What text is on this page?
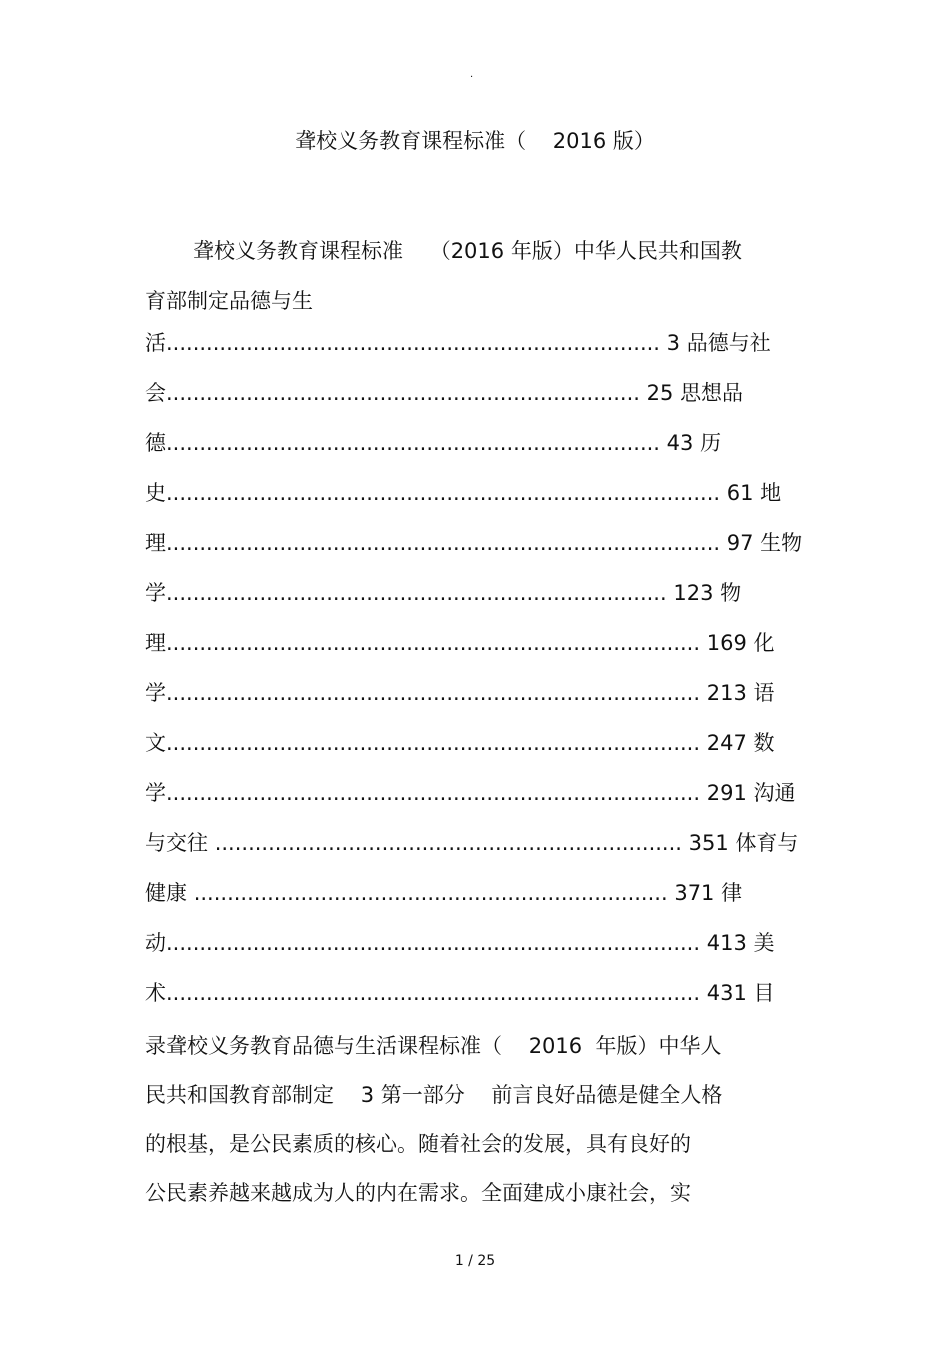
·
聋校义务教育课程标准（    2016 版）
聋校义务教育课程标准    （2016 年版）中华人民共和国教
育部制定品德与生
活.......................................................................... 3 品德与社
会....................................................................... 25 思想品
德.......................................................................... 43 历
史................................................................................... 61 地
理................................................................................... 97 生物
学........................................................................... 123 物
理................................................................................ 169 化
学................................................................................ 213 语
文................................................................................ 247 数
学................................................................................ 291 沟通
与交往 ...................................................................... 351 体育与
健康 ....................................................................... 371 律
动................................................................................ 413 美
术................................................................................ 431 目
录聋校义务教育品德与生活课程标准（    2016  年版）中华人
民共和国教育部制定    3 第一部分    前言良好品德是健全人格
的根基，是公民素质的核心。随着社会的发展，具有良好的
公民素养越来越成为人的内在需求。全面建成小康社会，实
1 / 25
